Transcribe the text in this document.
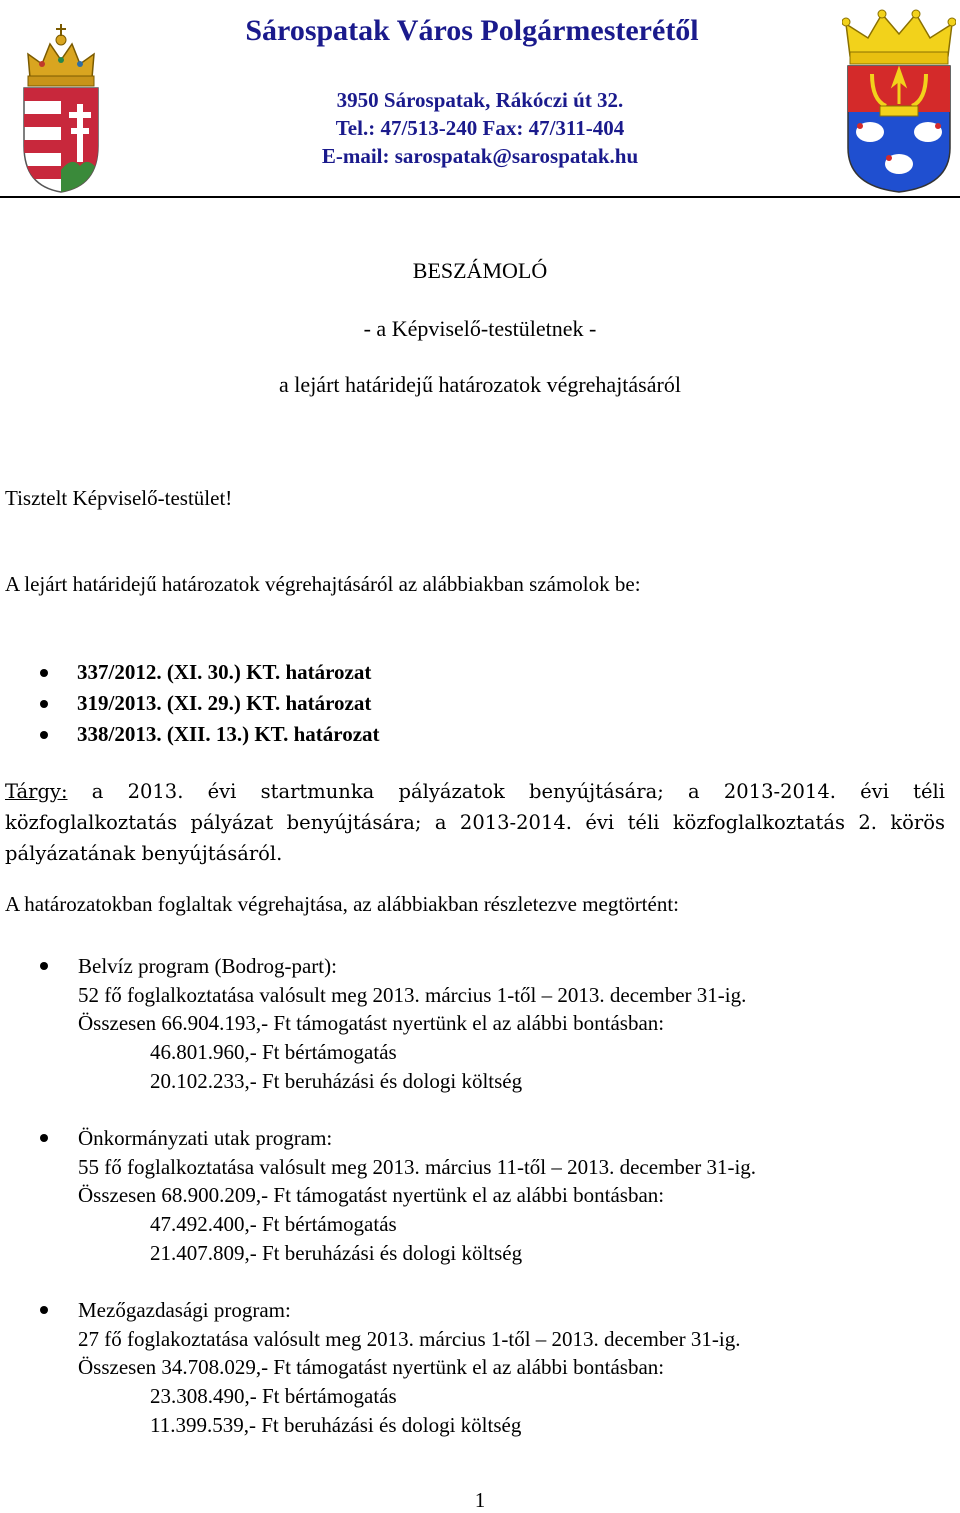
Sárospatak Város Polgármesterétől
3950 Sárospatak, Rákóczi út 32.
Tel.: 47/513-240 Fax: 47/311-404
E-mail: sarospatak@sarospatak.hu
BESZÁMOLÓ
- a Képviselő-testületnek -
a lejárt határidejű határozatok végrehajtásáról
Tisztelt Képviselő-testület!
A lejárt határidejű határozatok végrehajtásáról az alábbiakban számolok be:
337/2012. (XI. 30.) KT. határozat
319/2013. (XI. 29.) KT. határozat
338/2013. (XII. 13.) KT. határozat
Tárgy: a 2013. évi startmunka pályázatok benyújtására; a 2013-2014. évi téli
közfoglalkoztatás pályázat benyújtására; a 2013-2014. évi téli közfoglalkoztatás 2. körös
pályázatának benyújtásáról.
A határozatokban foglaltak végrehajtása, az alábbiakban részletezve megtörtént:
Belvíz program (Bodrog-part):
52 fő foglalkoztatása valósult meg 2013. március 1-től – 2013. december 31-ig.
Összesen 66.904.193,- Ft támogatást nyertünk el az alábbi bontásban:
46.801.960,- Ft bértámogatás
20.102.233,- Ft beruházási és dologi költség
Önkormányzati utak program:
55 fő foglalkoztatása valósult meg 2013. március 11-től – 2013. december 31-ig.
Összesen 68.900.209,- Ft támogatást nyertünk el az alábbi bontásban:
47.492.400,- Ft bértámogatás
21.407.809,- Ft beruházási és dologi költség
Mezőgazdasági program:
27 fő foglakoztatása valósult meg 2013. március 1-től – 2013. december 31-ig.
Összesen 34.708.029,- Ft támogatást nyertünk el az alábbi bontásban:
23.308.490,- Ft bértámogatás
11.399.539,- Ft beruházási és dologi költség
1
